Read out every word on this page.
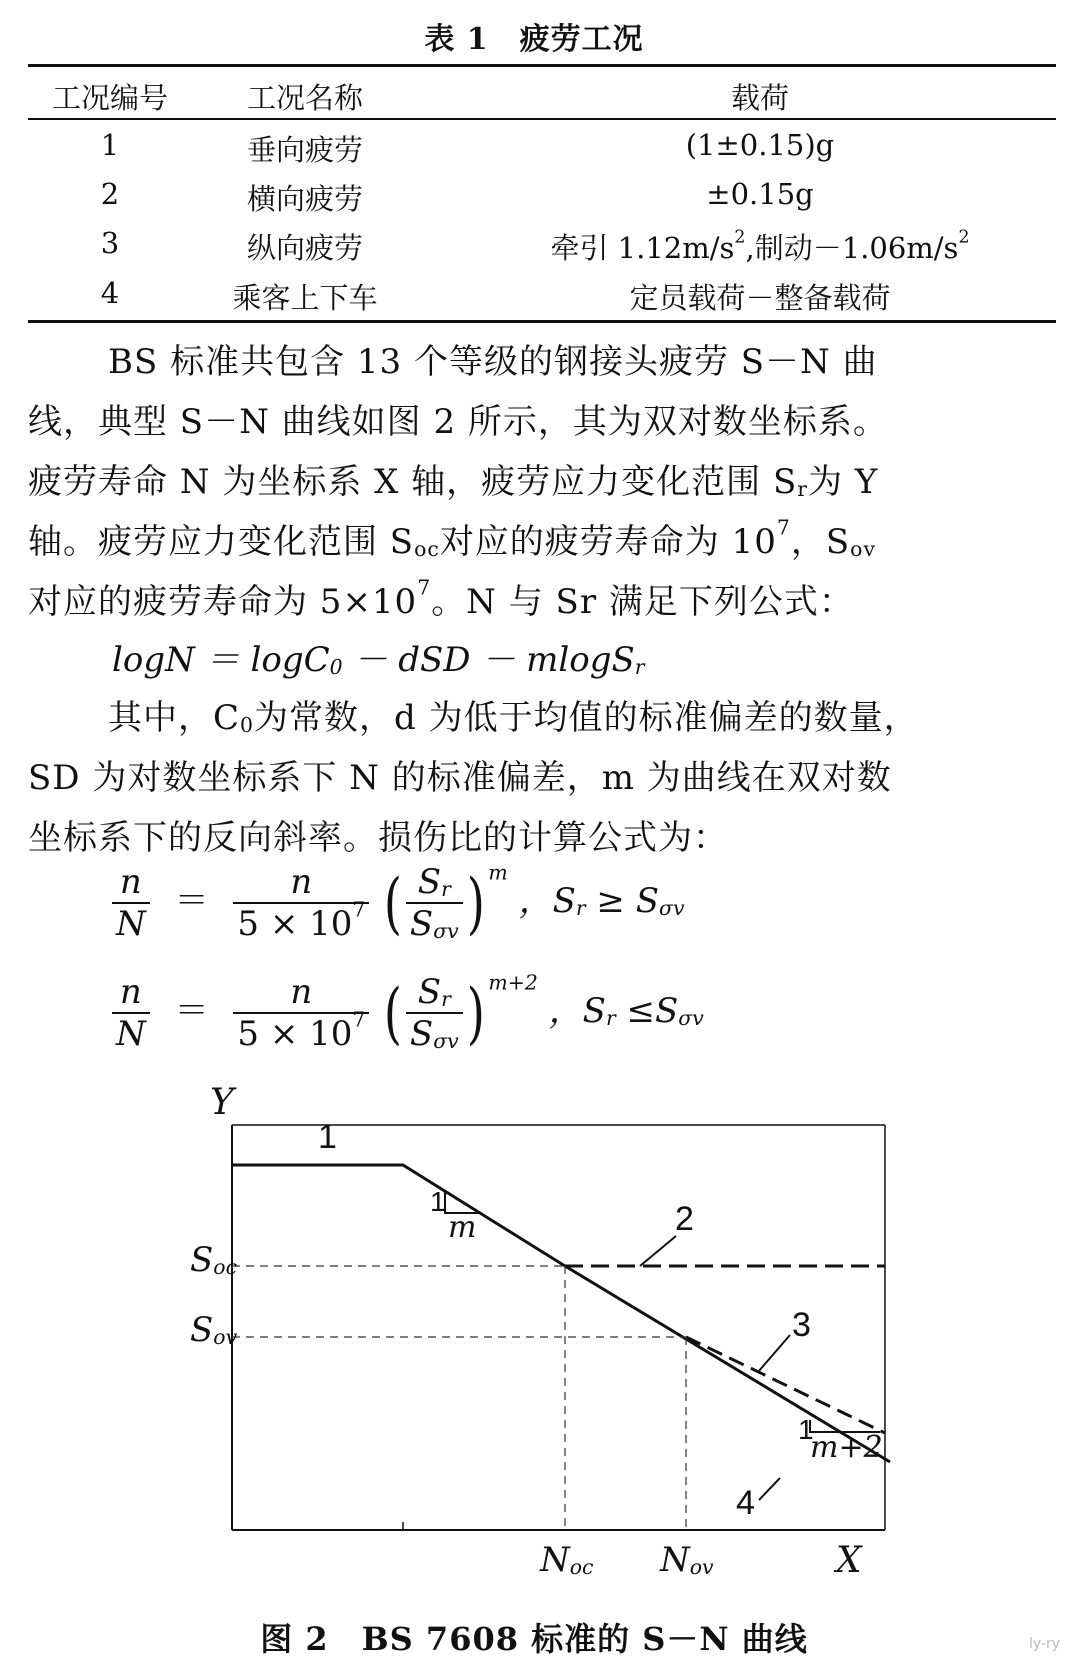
表 1　疲劳工况
工况编号	工况名称	载荷
1	垂向疲劳	(1±0.15)g
2	横向疲劳	±0.15g
3	纵向疲劳	牵引 $1.12m/s^2$,制动$-1.06m/s^2$
4	乘客上下车	定员载荷－整备载荷
BS 标准共包含 13 个等级的钢接头疲劳 S－N 曲
线，典型 S－N 曲线如图 2 所示，其为双对数坐标系。
疲劳寿命 N 为坐标系 X 轴，疲劳应力变化范围 $S_r$为 Y
轴。疲劳应力变化范围 $S_{oc}$对应的疲劳寿命为 $10^7$，$S_{ov}$
对应的疲劳寿命为 $5\times 10^7$。N 与 Sr 满足下列公式：
logN ＝ logC$_0$ － dSD － mlogS$_r$
其中，$C_0$为常数，d 为低于均值的标准偏差的数量，
SD 为对数坐标系下 N 的标准偏差，m 为曲线在双对数
坐标系下的反向斜率。损伤比的计算公式为：
$\frac{n}{N} = \frac{n}{5 \times 10^7}$ ( $\frac{S_r}{S_{\sigma v}}$ ) $^m$ ，$S_r \ge S_{\sigma v}$
$\frac{n}{N} = \frac{n}{5 \times 10^7}$ ( $\frac{S_r}{S_{\sigma v}}$ ) $^{m+2}$ ，$S_r \le S_{\sigma v}$
Y
X
1
2
3
4
1
m
1
m+2
$S_{oc}$
$S_{ov}$
$N_{oc}$ $N_{ov}$
图 2　BS 7608 标准的 S－N 曲线	ly-ry
